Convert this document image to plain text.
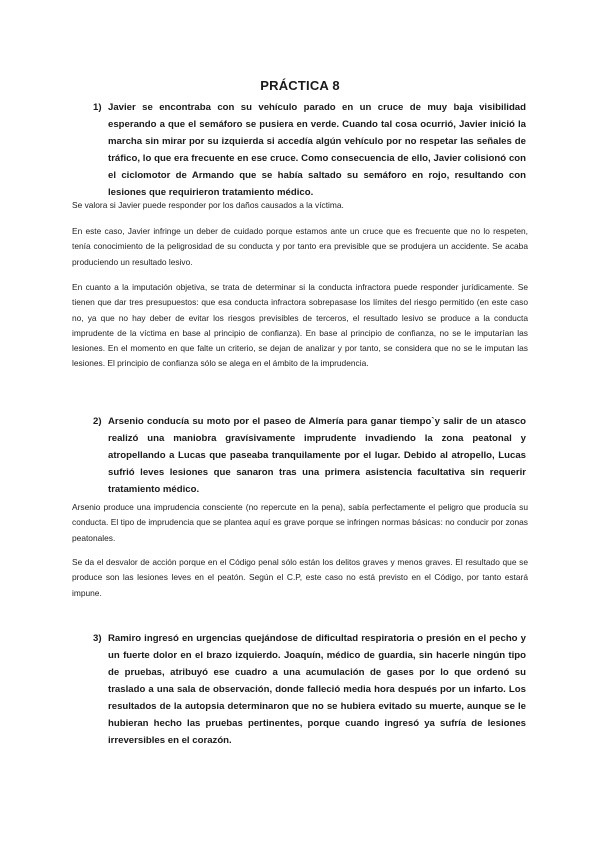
PRÁCTICA 8
1) Javier se encontraba con su vehículo parado en un cruce de muy baja visibilidad esperando a que el semáforo se pusiera en verde. Cuando tal cosa ocurrió, Javier inició la marcha sin mirar por su izquierda si accedía algún vehículo por no respetar las señales de tráfico, lo que era frecuente en ese cruce. Como consecuencia de ello, Javier colisionó con el ciclomotor de Armando que se había saltado su semáforo en rojo, resultando con lesiones que requirieron tratamiento médico.

Se valora si Javier puede responder por los daños causados a la víctima.

En este caso, Javier infringe un deber de cuidado porque estamos ante un cruce que es frecuente que no lo respeten, tenía conocimiento de la peligrosidad de su conducta y por tanto era previsible que se produjera un accidente. Se acaba produciendo un resultado lesivo.

En cuanto a la imputación objetiva, se trata de determinar si la conducta infractora puede responder jurídicamente. Se tienen que dar tres presupuestos: que esa conducta infractora sobrepasase los límites del riesgo permitido (en este caso no, ya que no hay deber de evitar los riesgos previsibles de terceros, el resultado lesivo se produce a la conducta imprudente de la víctima en base al principio de confianza). En base al principio de confianza, no se le imputarían las lesiones. En el momento en que falte un criterio, se dejan de analizar y por tanto, se considera que no se le imputan las lesiones. El principio de confianza sólo se alega en el ámbito de la imprudencia.

2) Arsenio conducía su moto por el paseo de Almería para ganar tiempo`y salir de un atasco realizó una maniobra gravísivamente imprudente invadiendo la zona peatonal y atropellando a Lucas que paseaba tranquilamente por el lugar. Debido al atropello, Lucas sufrió leves lesiones que sanaron tras una primera asistencia facultativa sin requerir tratamiento médico.

Arsenio produce una imprudencia consciente (no repercute en la pena), sabía perfectamente el peligro que producía su conducta. El tipo de imprudencia que se plantea aquí es grave porque se infringen normas básicas: no conducir por zonas peatonales.

Se da el desvalor de acción porque en el Código penal sólo están los delitos graves y menos graves. El resultado que se produce son las lesiones leves en el peatón. Según el C.P, este caso no está previsto en el Código, por tanto estará impune.

3) Ramiro ingresó en urgencias quejándose de dificultad respiratoria o presión en el pecho y un fuerte dolor en el brazo izquierdo. Joaquín, médico de guardia, sin hacerle ningún tipo de pruebas, atribuyó ese cuadro a una acumulación de gases por lo que ordenó su traslado a una sala de observación, donde falleció media hora después por un infarto. Los resultados de la autopsia determinaron que no se hubiera evitado su muerte, aunque se le hubieran hecho las pruebas pertinentes, porque cuando ingresó ya sufría de lesiones irreversibles en el corazón.
